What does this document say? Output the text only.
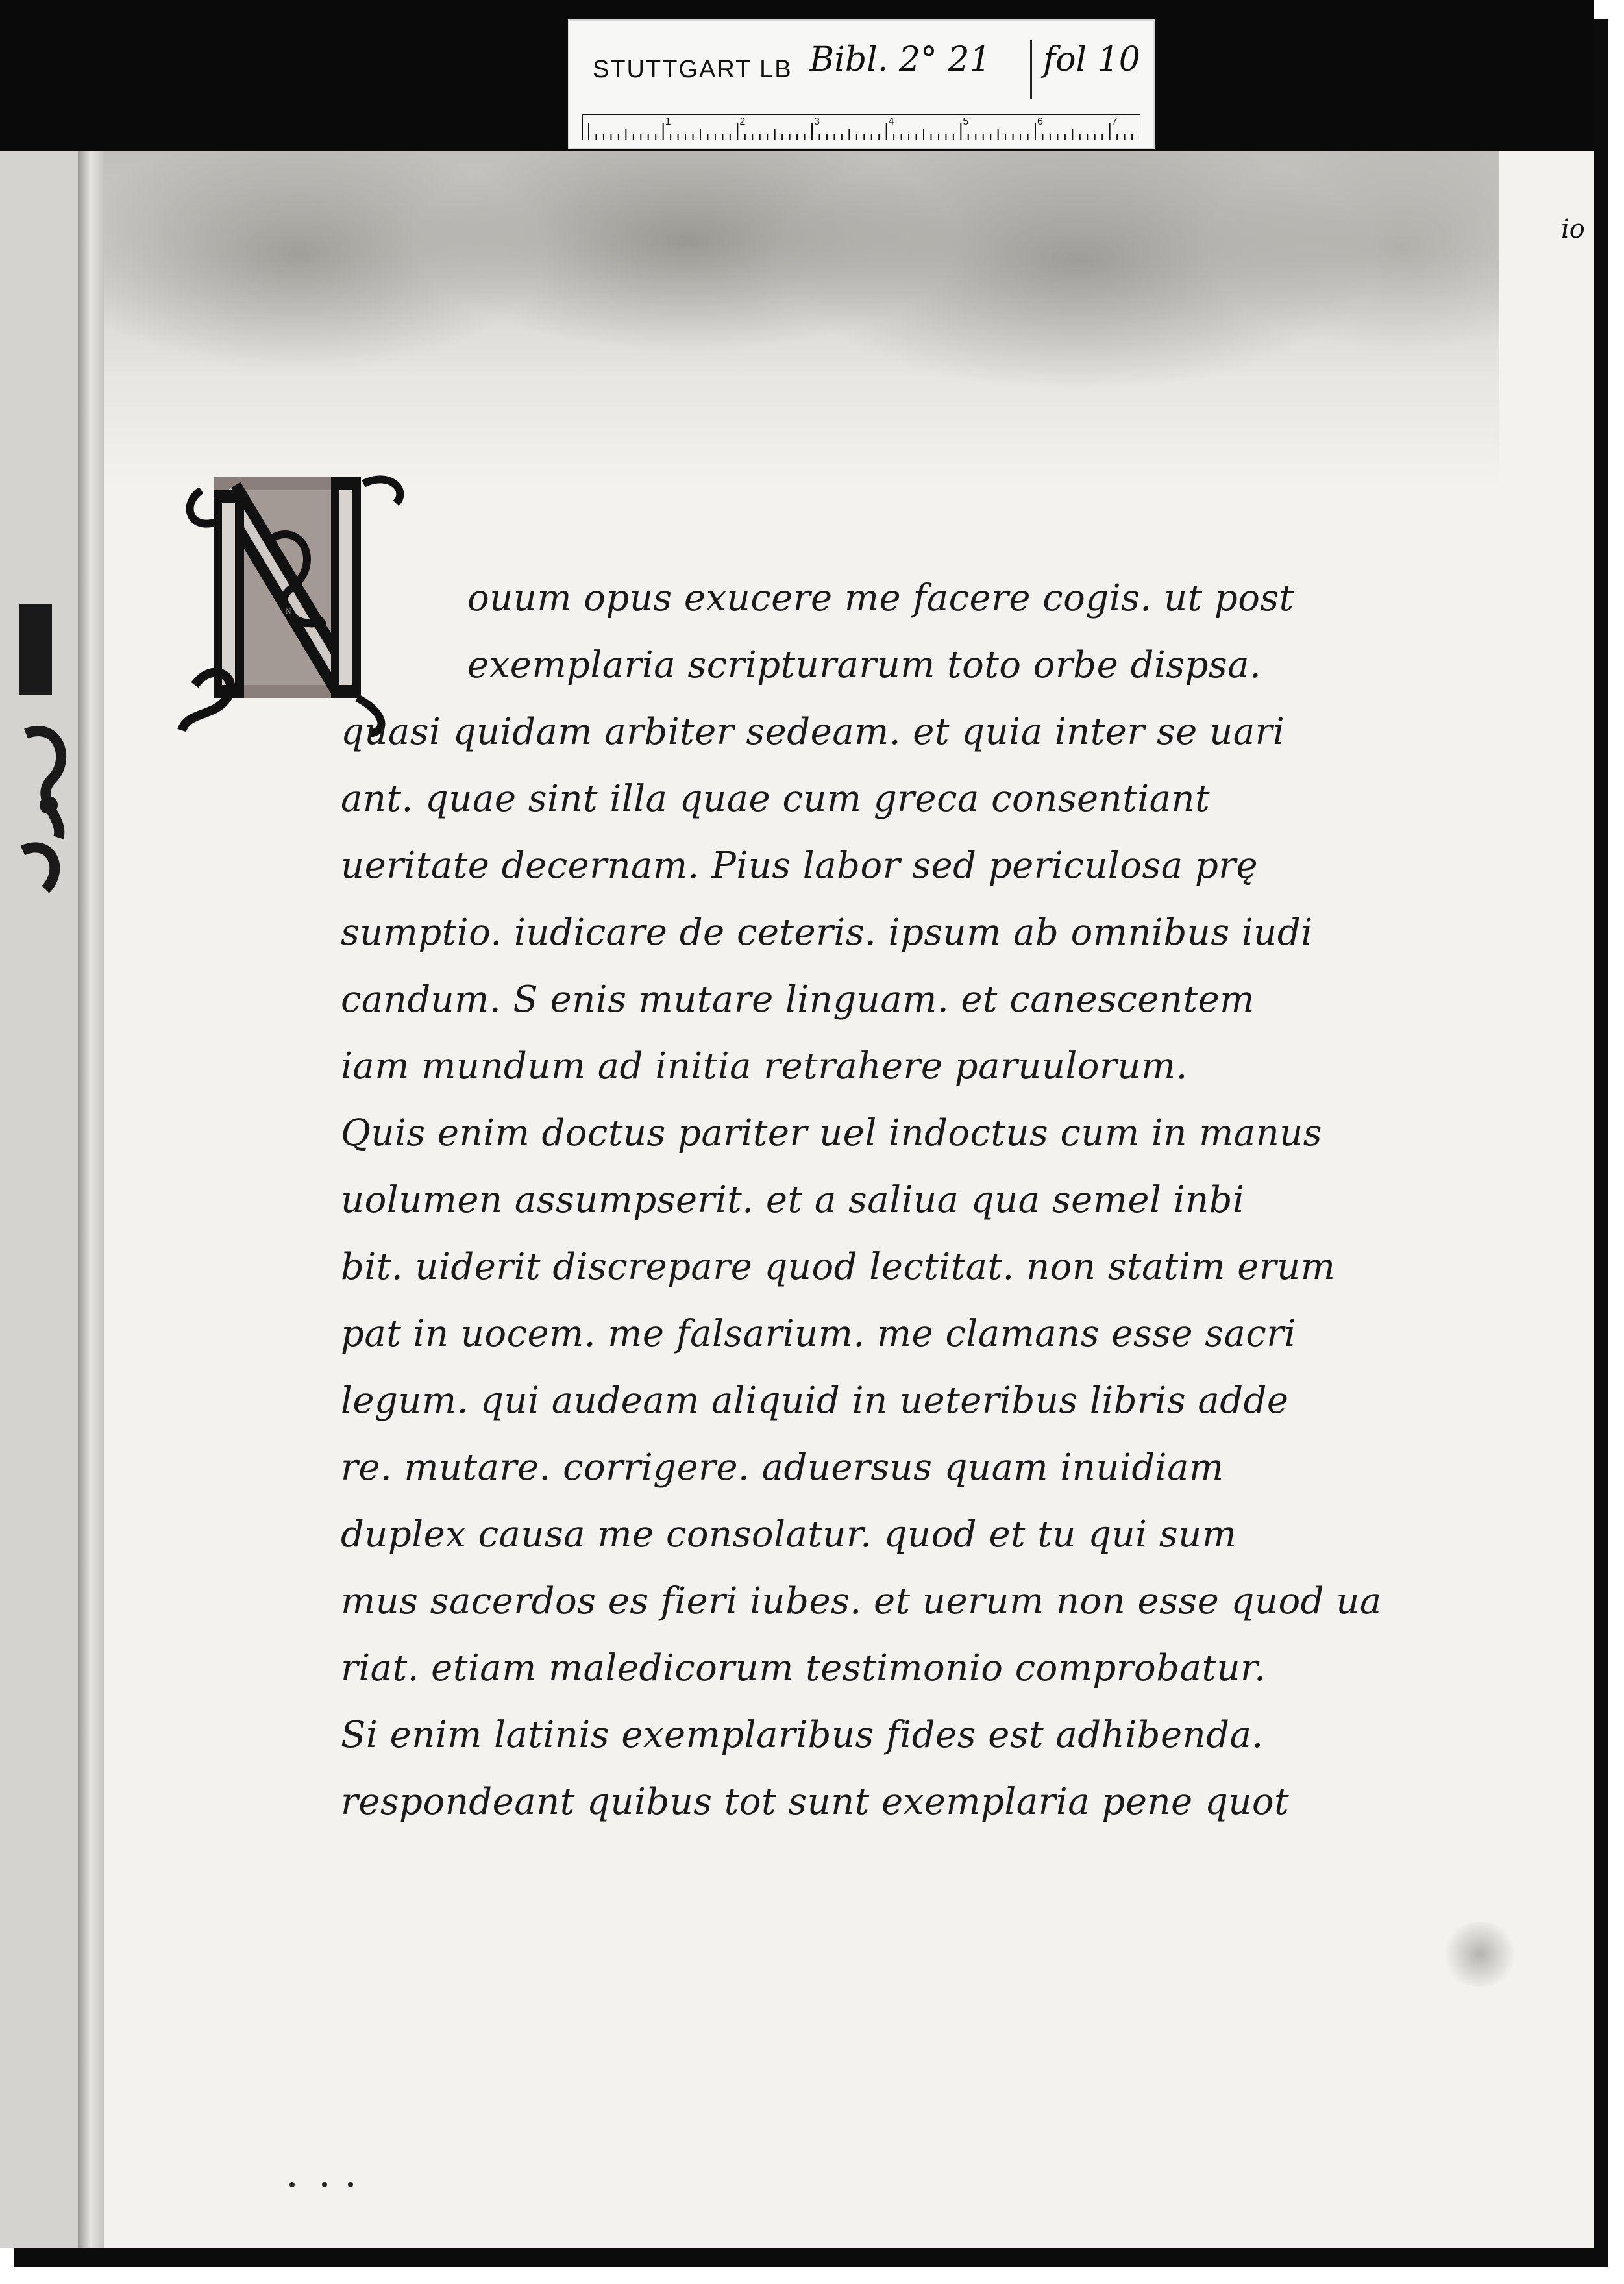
STUTTGART LB Bibl. 2° 21 fol 10
1	2	3	4	5	6	7
io
N	ouum opus exucere me facere cogis. ut post
exemplaria scripturarum toto orbe dispsa.
quasi quidam arbiter sedeam. et quia inter se uari
ant. quae sint illa quae cum greca consentiant
ueritate decernam. Pius labor sed periculosa prę
sumptio. iudicare de ceteris. ipsum ab omnibus iudi
candum. S enis mutare linguam. et canescentem
iam mundum ad initia retrahere paruulorum.
Quis enim doctus pariter uel indoctus cum in manus
uolumen assumpserit. et a saliua qua semel inbi
bit. uiderit discrepare quod lectitat. non statim erum
pat in uocem. me falsarium. me clamans esse sacri
legum. qui audeam aliquid in ueteribus libris adde
re. mutare. corrigere. aduersus quam inuidiam
duplex causa me consolatur. quod et tu qui sum
mus sacerdos es fieri iubes. et uerum non esse quod ua
riat. etiam maledicorum testimonio comprobatur.
Si enim latinis exemplaribus fides est adhibenda.
respondeant quibus tot sunt exemplaria pene quot
